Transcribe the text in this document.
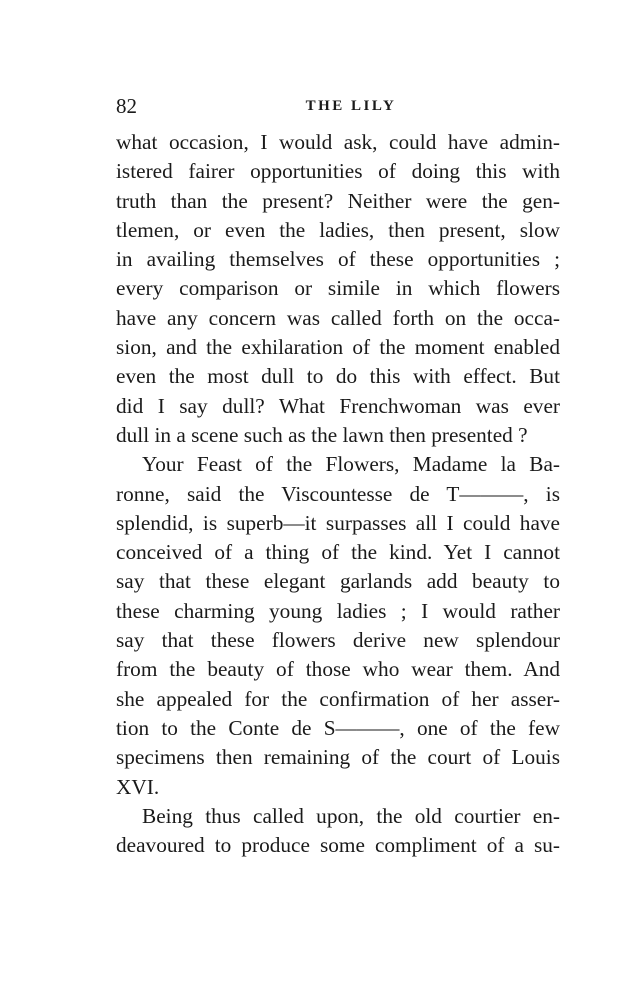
82	THE LILY
what occasion, I would ask, could have admin-
istered fairer opportunities of doing this with
truth than the present? Neither were the gen-
tlemen, or even the ladies, then present, slow
in availing themselves of these opportunities ;
every comparison or simile in which flowers
have any concern was called forth on the occa-
sion, and the exhilaration of the moment enabled
even the most dull to do this with effect. But
did I say dull? What Frenchwoman was ever
dull in a scene such as the lawn then presented ?
Your Feast of the Flowers, Madame la Ba-
ronne, said the Viscountesse de T———, is
splendid, is superb—it surpasses all I could have
conceived of a thing of the kind. Yet I cannot
say that these elegant garlands add beauty to
these charming young ladies ; I would rather
say that these flowers derive new splendour
from the beauty of those who wear them. And
she appealed for the confirmation of her asser-
tion to the Conte de S———, one of the few
specimens then remaining of the court of Louis
XVI.
Being thus called upon, the old courtier en-
deavoured to produce some compliment of a su-
